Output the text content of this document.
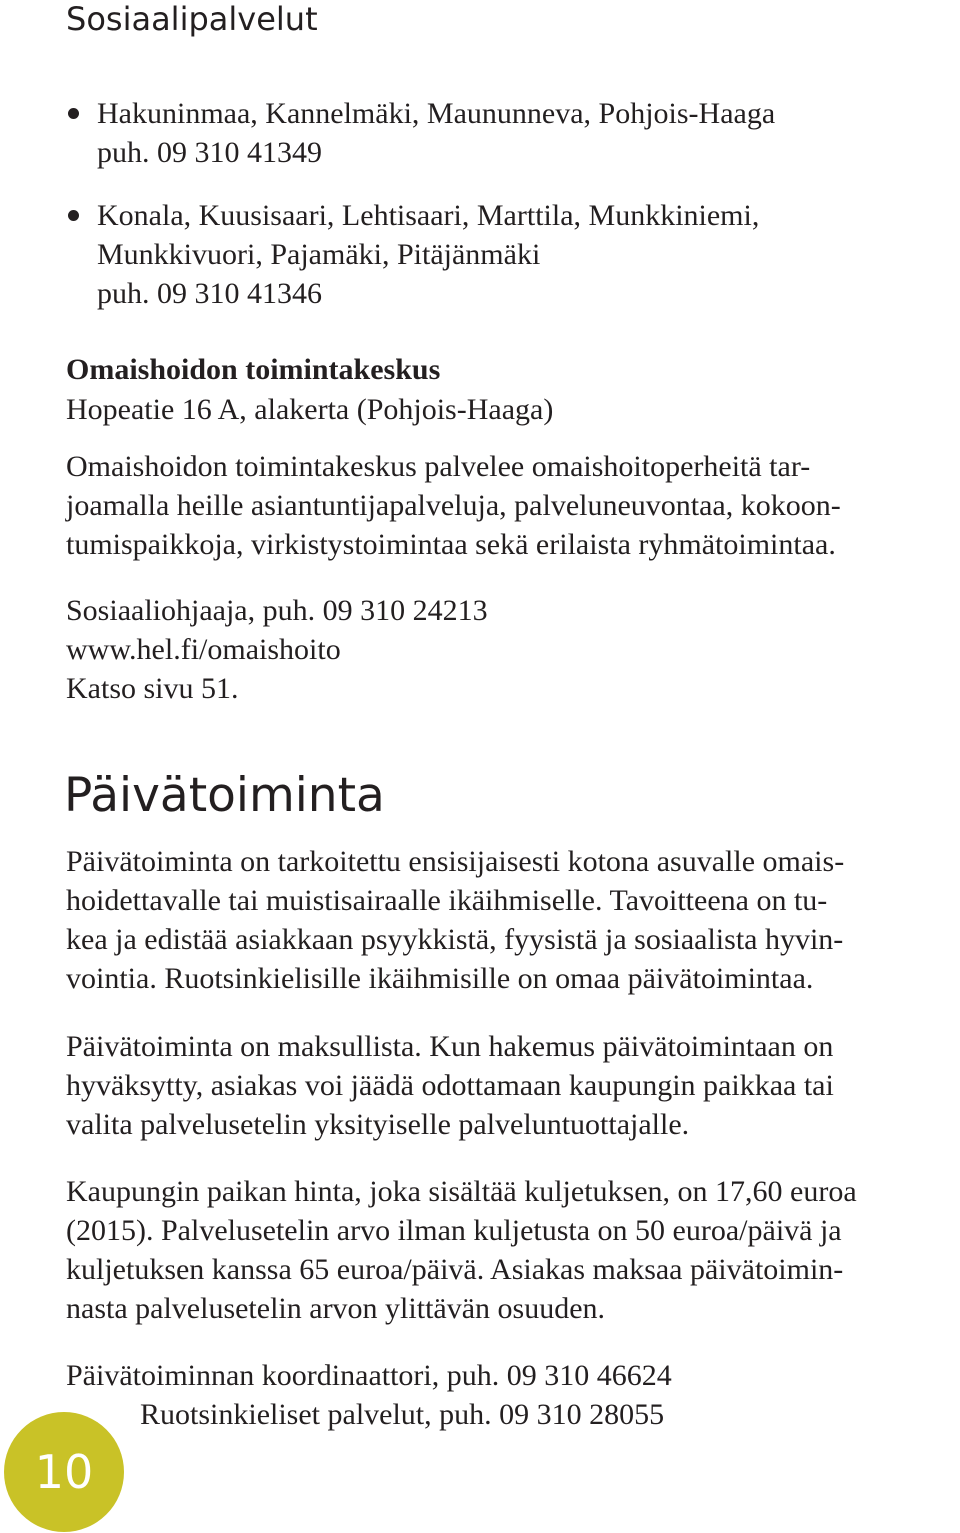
Sosiaalipalvelut

Hakuninmaa, Kannelmäki, Maununneva, Pohjois-Haaga

puh. 09 310 41349

Konala, Kuusisaari, Lehtisaari, Marttila, Munkkiniemi,

Munkkivuori, Pajamäki, Pitäjänmäki

puh. 09 310 41346

Omaishoidon toimintakeskus

Hopeatie 16 A, alakerta (Pohjois-Haaga)

Omaishoidon toimintakeskus palvelee omaishoitoperheitä tar-

joamalla heille asiantuntijapalveluja, palveluneuvontaa, kokoon-

tumispaikkoja, virkistystoimintaa sekä erilaista ryhmätoimintaa.

Sosiaaliohjaaja, puh. 09 310 24213

www.hel.fi/omaishoito

Katso sivu 51.

Päivätoiminta

Päivätoiminta on tarkoitettu ensisijaisesti kotona asuvalle omais-

hoidettavalle tai muistisairaalle ikäihmiselle. Tavoitteena on tu-

kea ja edistää asiakkaan psyykkistä, fyysistä ja sosiaalista hyvin-

vointia. Ruotsinkielisille ikäihmisille on omaa päivätoimintaa.

Päivätoiminta on maksullista. Kun hakemus päivätoimintaan on

hyväksytty, asiakas voi jäädä odottamaan kaupungin paikkaa tai

valita palvelusetelin yksityiselle palveluntuottajalle.

Kaupungin paikan hinta, joka sisältää kuljetuksen, on 17,60 euroa

(2015). Palvelusetelin arvo ilman kuljetusta on 50 euroa/päivä ja

kuljetuksen kanssa 65 euroa/päivä. Asiakas maksaa päivätoimin-

nasta palvelusetelin arvon ylittävän osuuden.

Päivätoiminnan koordinaattori, puh. 09 310 46624

Ruotsinkieliset palvelut, puh. 09 310 28055

10
